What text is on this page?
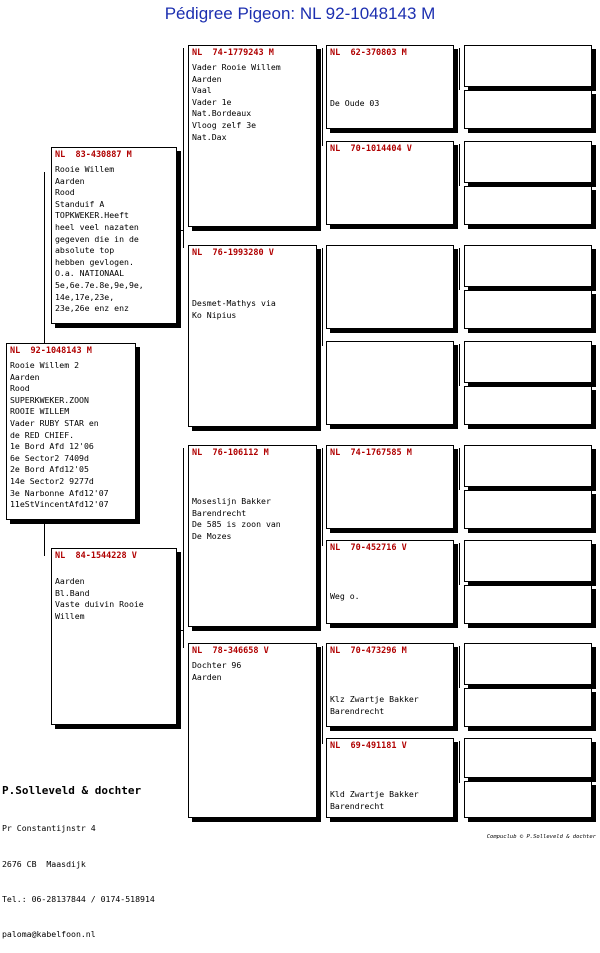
Pédigree Pigeon: NL 92-1048143 M
NL  92-1048143 M
Rooie Willem 2
Aarden
Rood
SUPERKWEKER.ZOON
ROOIE WILLEM
Vader RUBY STAR en
de RED CHIEF.
1e Bord Afd 12'06
6e Sector2 7409d
2e Bord Afd12'05
14e Sector2 9277d
3e Narbonne Afd12'07
11eStVincentAfd12'07
NL  83-430887 M
Rooie Willem
Aarden
Rood
Standuif A
TOPKWEKER.Heeft
heel veel nazaten
gegeven die in de
absolute top
hebben gevlogen.
O.a. NATIONAAL
5e,6e.7e.8e,9e,9e,
14e,17e,23e,
23e,26e enz enz
NL  84-1544228 V
Aarden
Bl.Band
Vaste duivin Rooie
Willem
NL  74-1779243 M
Vader Rooie Willem
Aarden
Vaal
Vader 1e
Nat.Bordeaux
Vloog zelf 3e
Nat.Dax
NL  76-1993280 V
Desmet-Mathys via
Ko Nipius
NL  76-106112 M
Moseslijn Bakker
Barendrecht
De 585 is zoon van
De Mozes
NL  78-346658 V
Dochter 96
Aarden
NL  62-370803 M
De Oude 03
NL  70-1014404 V
NL  74-1767585 M
NL  70-452716 V
Weg o.
NL  70-473296 M
Klz Zwartje Bakker
Barendrecht
NL  69-491181 V
Kld Zwartje Bakker
Barendrecht

P.Solleveld & dochter

Pr Constantijnstr 4

2676 CB  Maasdijk

Tel.: 06-28137844 / 0174-518914

paloma@kabelfoon.nl

Compuclub © P.Solleveld & dochter
